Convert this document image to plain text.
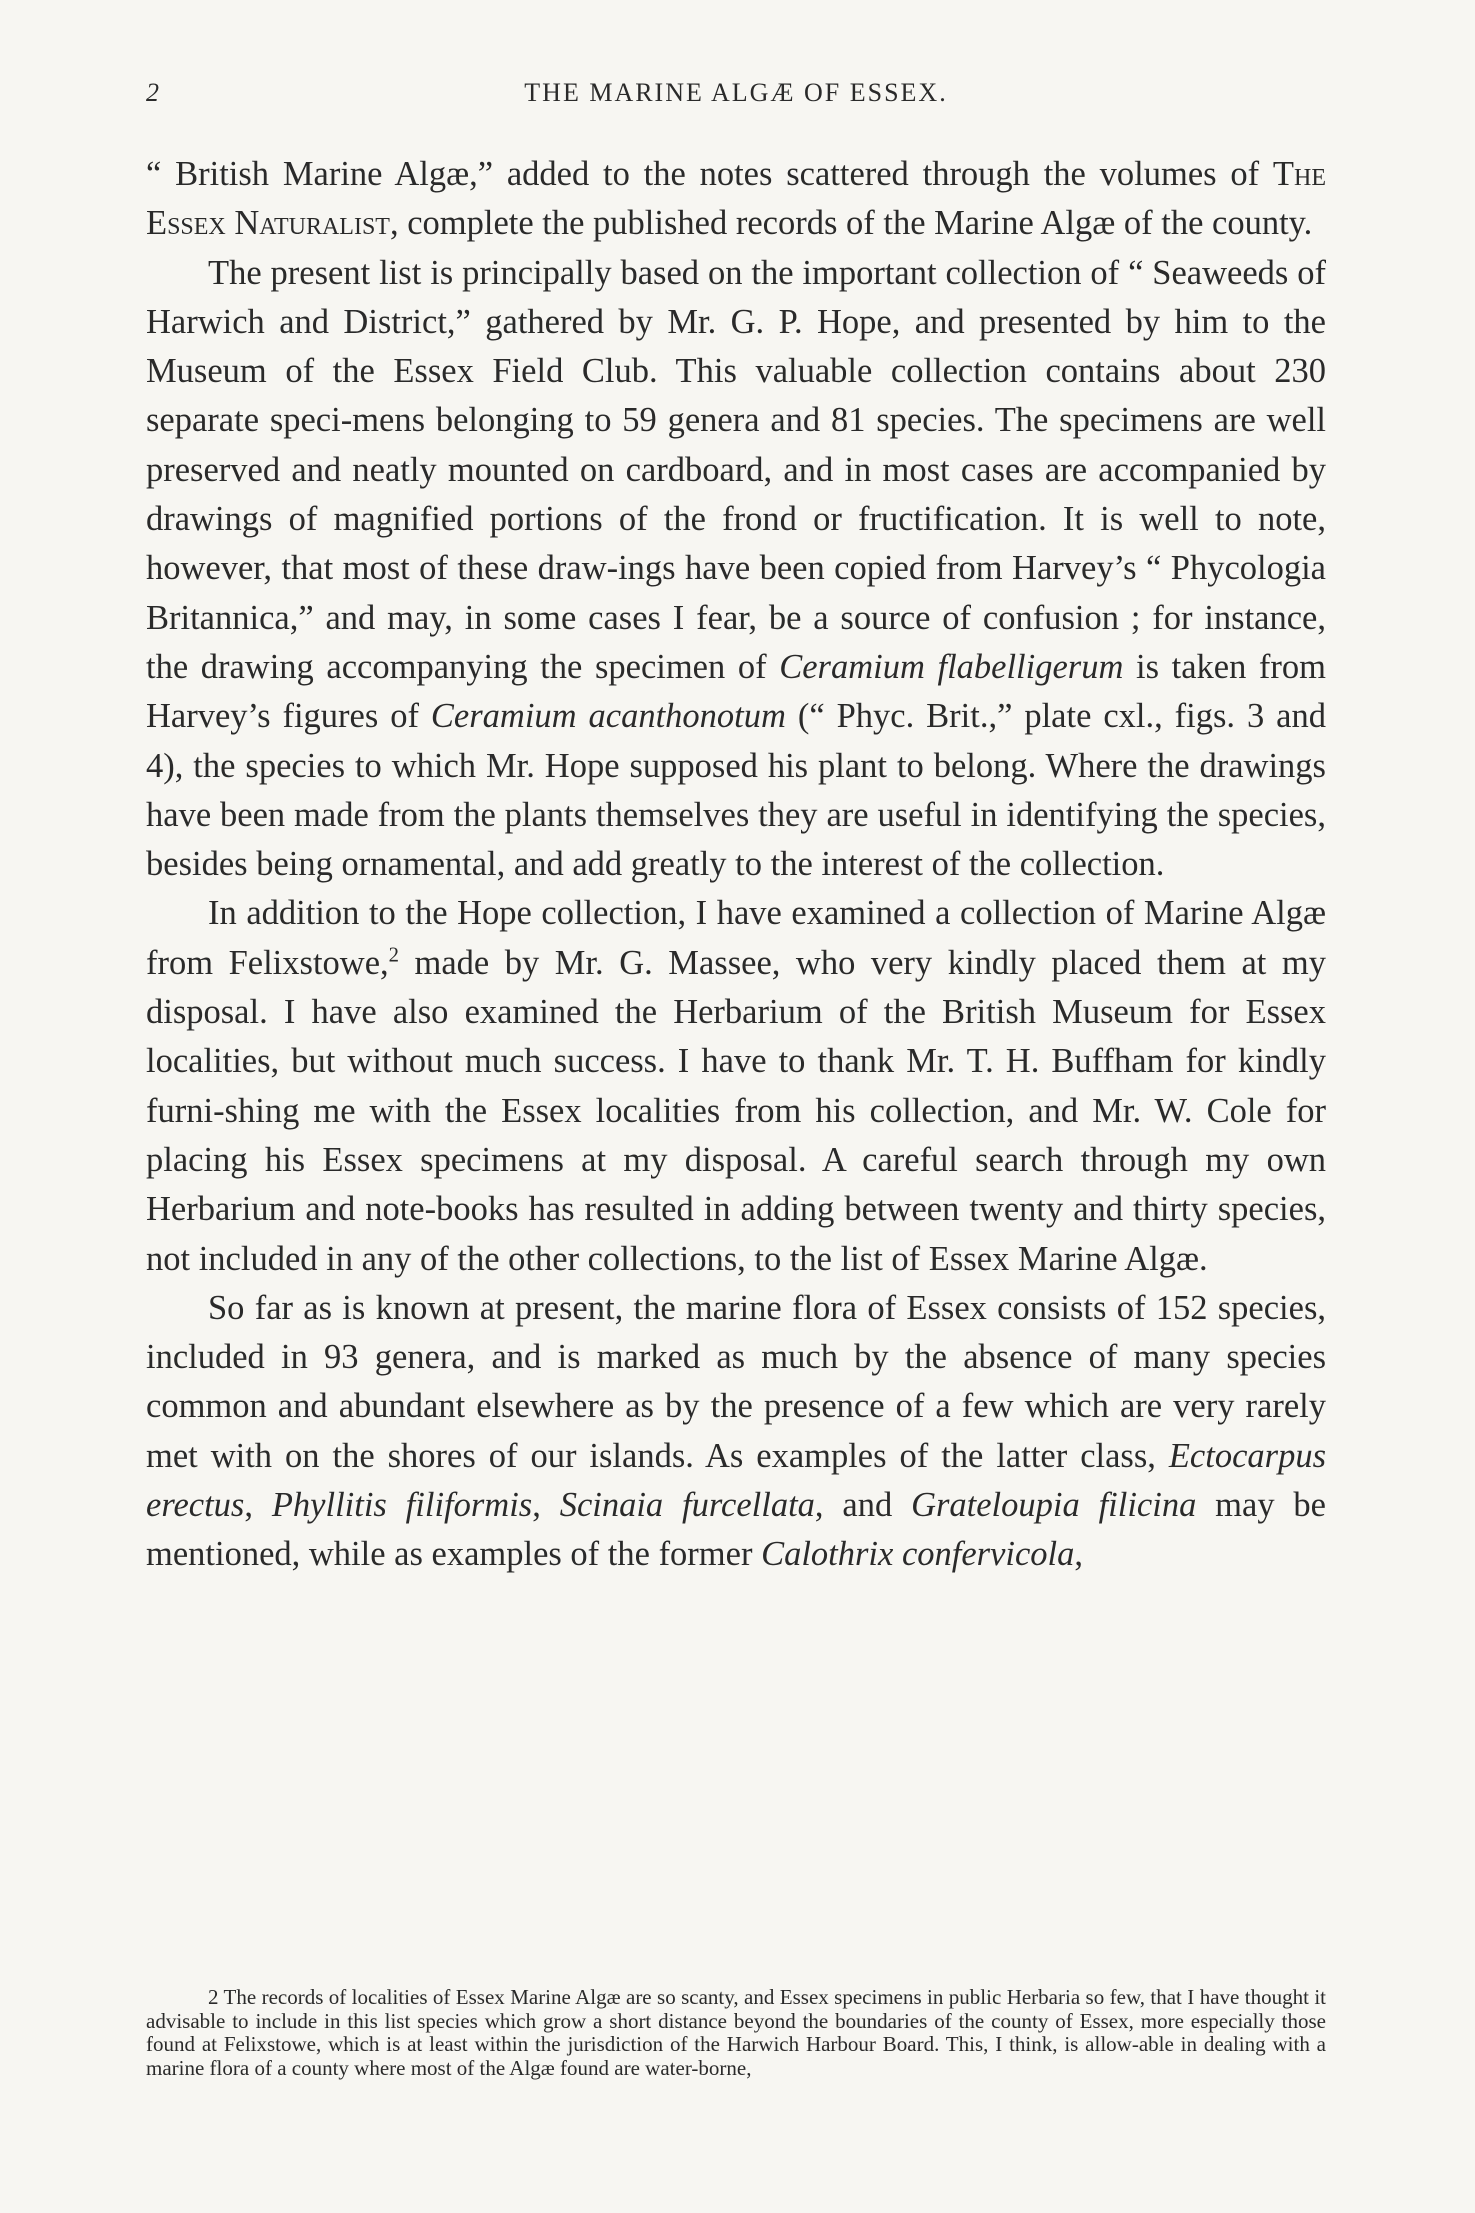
2	THE MARINE ALGÆ OF ESSEX.

“ British Marine Algæ,” added to the notes scattered through the volumes of The Essex Naturalist, complete the published records of the Marine Algæ of the county.

The present list is principally based on the important collection of “ Seaweeds of Harwich and District,” gathered by Mr. G. P. Hope, and presented by him to the Museum of the Essex Field Club. This valuable collection contains about 230 separate speci-mens belonging to 59 genera and 81 species. The specimens are well preserved and neatly mounted on cardboard, and in most cases are accompanied by drawings of magnified portions of the frond or fructification. It is well to note, however, that most of these draw-ings have been copied from Harvey’s “ Phycologia Britannica,” and may, in some cases I fear, be a source of confusion ; for instance, the drawing accompanying the specimen of Ceramium flabelligerum is taken from Harvey’s figures of Ceramium acanthonotum (“ Phyc. Brit.,” plate cxl., figs. 3 and 4), the species to which Mr. Hope supposed his plant to belong. Where the drawings have been made from the plants themselves they are useful in identifying the species, besides being ornamental, and add greatly to the interest of the collection.

In addition to the Hope collection, I have examined a collection of Marine Algæ from Felixstowe,$^2$ made by Mr. G. Massee, who very kindly placed them at my disposal. I have also examined the Herbarium of the British Museum for Essex localities, but without much success. I have to thank Mr. T. H. Buffham for kindly furni-shing me with the Essex localities from his collection, and Mr. W. Cole for placing his Essex specimens at my disposal. A careful search through my own Herbarium and note-books has resulted in adding between twenty and thirty species, not included in any of the other collections, to the list of Essex Marine Algæ.

So far as is known at present, the marine flora of Essex consists of 152 species, included in 93 genera, and is marked as much by the absence of many species common and abundant elsewhere as by the presence of a few which are very rarely met with on the shores of our islands. As examples of the latter class, Ectocarpus erectus, Phyllitis filiformis, Scinaia furcellata, and Grateloupia filicina may be mentioned, while as examples of the former Calothrix confervicola,

2 The records of localities of Essex Marine Algæ are so scanty, and Essex specimens in public Herbaria so few, that I have thought it advisable to include in this list species which grow a short distance beyond the boundaries of the county of Essex, more especially those found at Felixstowe, which is at least within the jurisdiction of the Harwich Harbour Board. This, I think, is allow-able in dealing with a marine flora of a county where most of the Algæ found are water-borne,
